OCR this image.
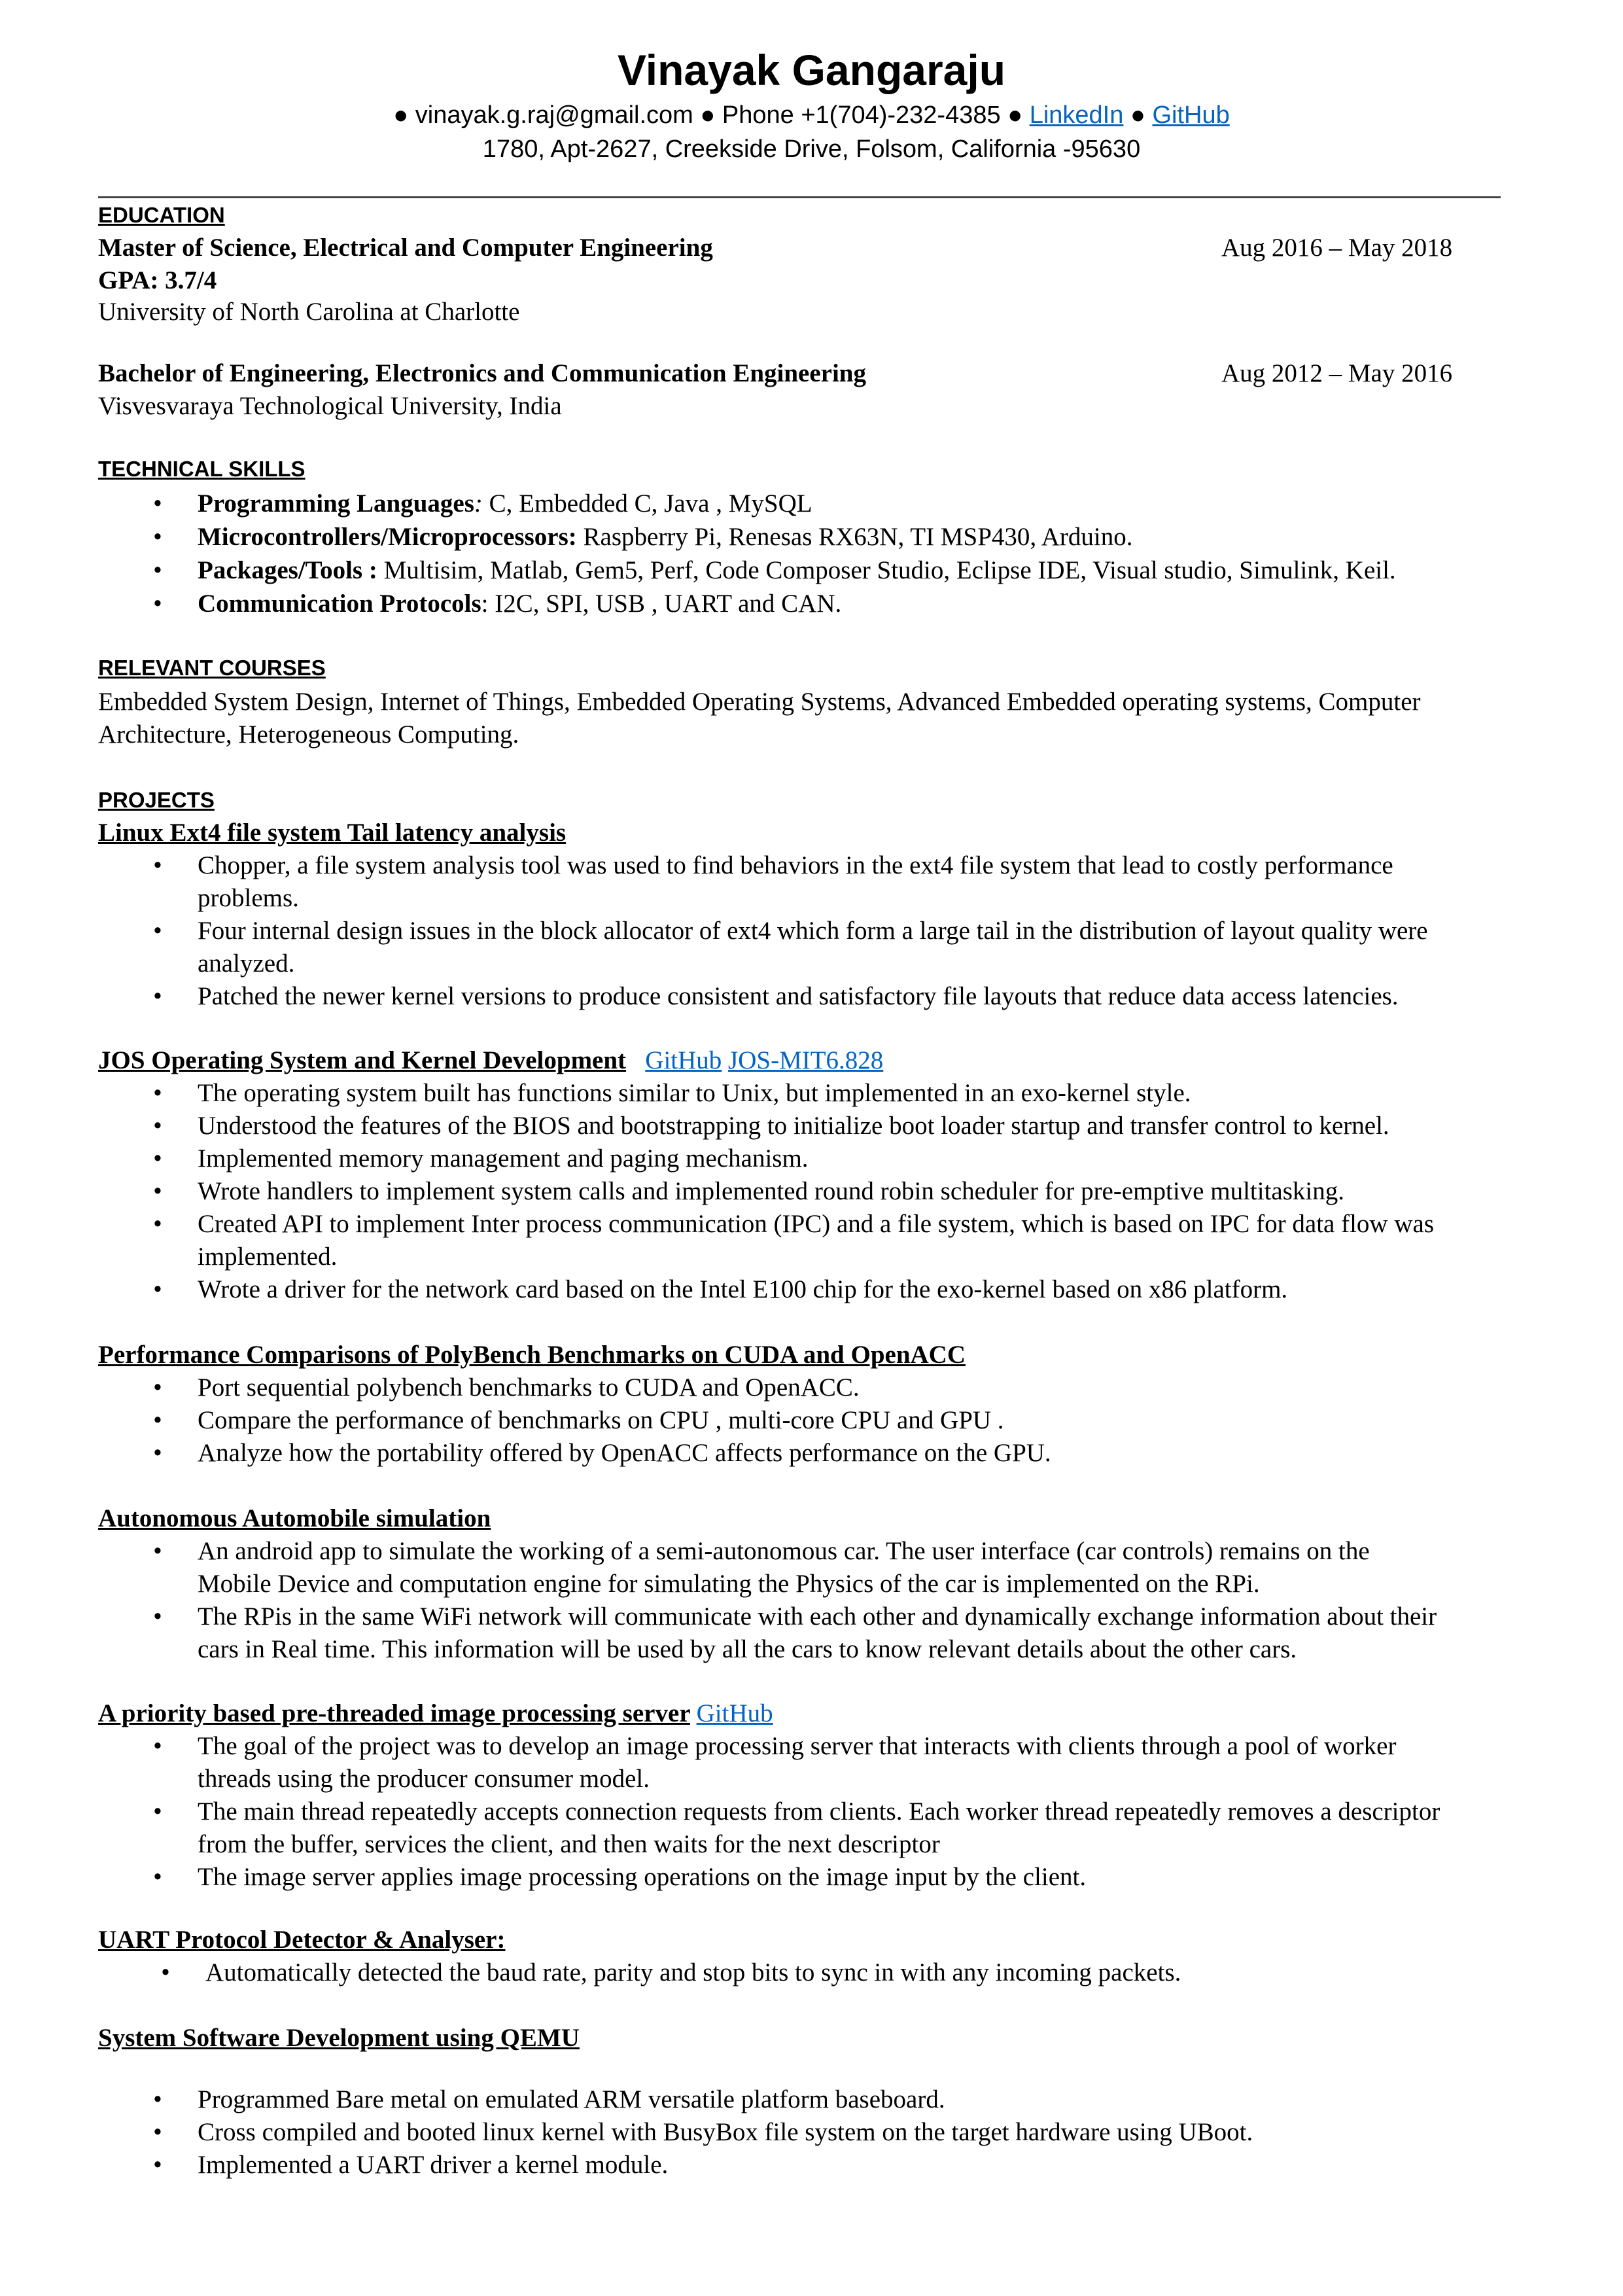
Vinayak Gangaraju
● vinayak.g.raj@gmail.com ● Phone +1(704)-232-4385 ● LinkedIn ● GitHub
1780, Apt-2627, Creekside Drive, Folsom, California -95630
EDUCATION
Master of Science, Electrical and Computer Engineering	Aug 2016 – May 2018
GPA: 3.7/4
University of North Carolina at Charlotte
Bachelor of Engineering, Electronics and Communication Engineering	Aug 2012 – May 2016
Visvesvaraya Technological University, India
TECHNICAL SKILLS
• Programming Languages: C, Embedded C, Java , MySQL
• Microcontrollers/Microprocessors: Raspberry Pi, Renesas RX63N, TI MSP430, Arduino.
• Packages/Tools : Multisim, Matlab, Gem5, Perf, Code Composer Studio, Eclipse IDE, Visual studio, Simulink, Keil.
• Communication Protocols: I2C, SPI, USB , UART and CAN.
RELEVANT COURSES
Embedded System Design, Internet of Things, Embedded Operating Systems, Advanced Embedded operating systems, Computer
Architecture, Heterogeneous Computing.
PROJECTS
Linux Ext4 file system Tail latency analysis
• Chopper, a file system analysis tool was used to find behaviors in the ext4 file system that lead to costly performance
problems.
• Four internal design issues in the block allocator of ext4 which form a large tail in the distribution of layout quality were
analyzed.
• Patched the newer kernel versions to produce consistent and satisfactory file layouts that reduce data access latencies.
JOS Operating System and Kernel Development GitHub JOS-MIT6.828
• The operating system built has functions similar to Unix, but implemented in an exo-kernel style.
• Understood the features of the BIOS and bootstrapping to initialize boot loader startup and transfer control to kernel.
• Implemented memory management and paging mechanism.
• Wrote handlers to implement system calls and implemented round robin scheduler for pre-emptive multitasking.
• Created API to implement Inter process communication (IPC) and a file system, which is based on IPC for data flow was
implemented.
• Wrote a driver for the network card based on the Intel E100 chip for the exo-kernel based on x86 platform.
Performance Comparisons of PolyBench Benchmarks on CUDA and OpenACC
• Port sequential polybench benchmarks to CUDA and OpenACC.
• Compare the performance of benchmarks on CPU , multi-core CPU and GPU .
• Analyze how the portability offered by OpenACC affects performance on the GPU.
Autonomous Automobile simulation
• An android app to simulate the working of a semi-autonomous car. The user interface (car controls) remains on the
Mobile Device and computation engine for simulating the Physics of the car is implemented on the RPi.
• The RPis in the same WiFi network will communicate with each other and dynamically exchange information about their
cars in Real time. This information will be used by all the cars to know relevant details about the other cars.
A priority based pre-threaded image processing server GitHub
• The goal of the project was to develop an image processing server that interacts with clients through a pool of worker
threads using the producer consumer model.
• The main thread repeatedly accepts connection requests from clients. Each worker thread repeatedly removes a descriptor
from the buffer, services the client, and then waits for the next descriptor
• The image server applies image processing operations on the image input by the client.
UART Protocol Detector & Analyser:
• Automatically detected the baud rate, parity and stop bits to sync in with any incoming packets.
System Software Development using QEMU
• Programmed Bare metal on emulated ARM versatile platform baseboard.
• Cross compiled and booted linux kernel with BusyBox file system on the target hardware using UBoot.
• Implemented a UART driver a kernel module.
